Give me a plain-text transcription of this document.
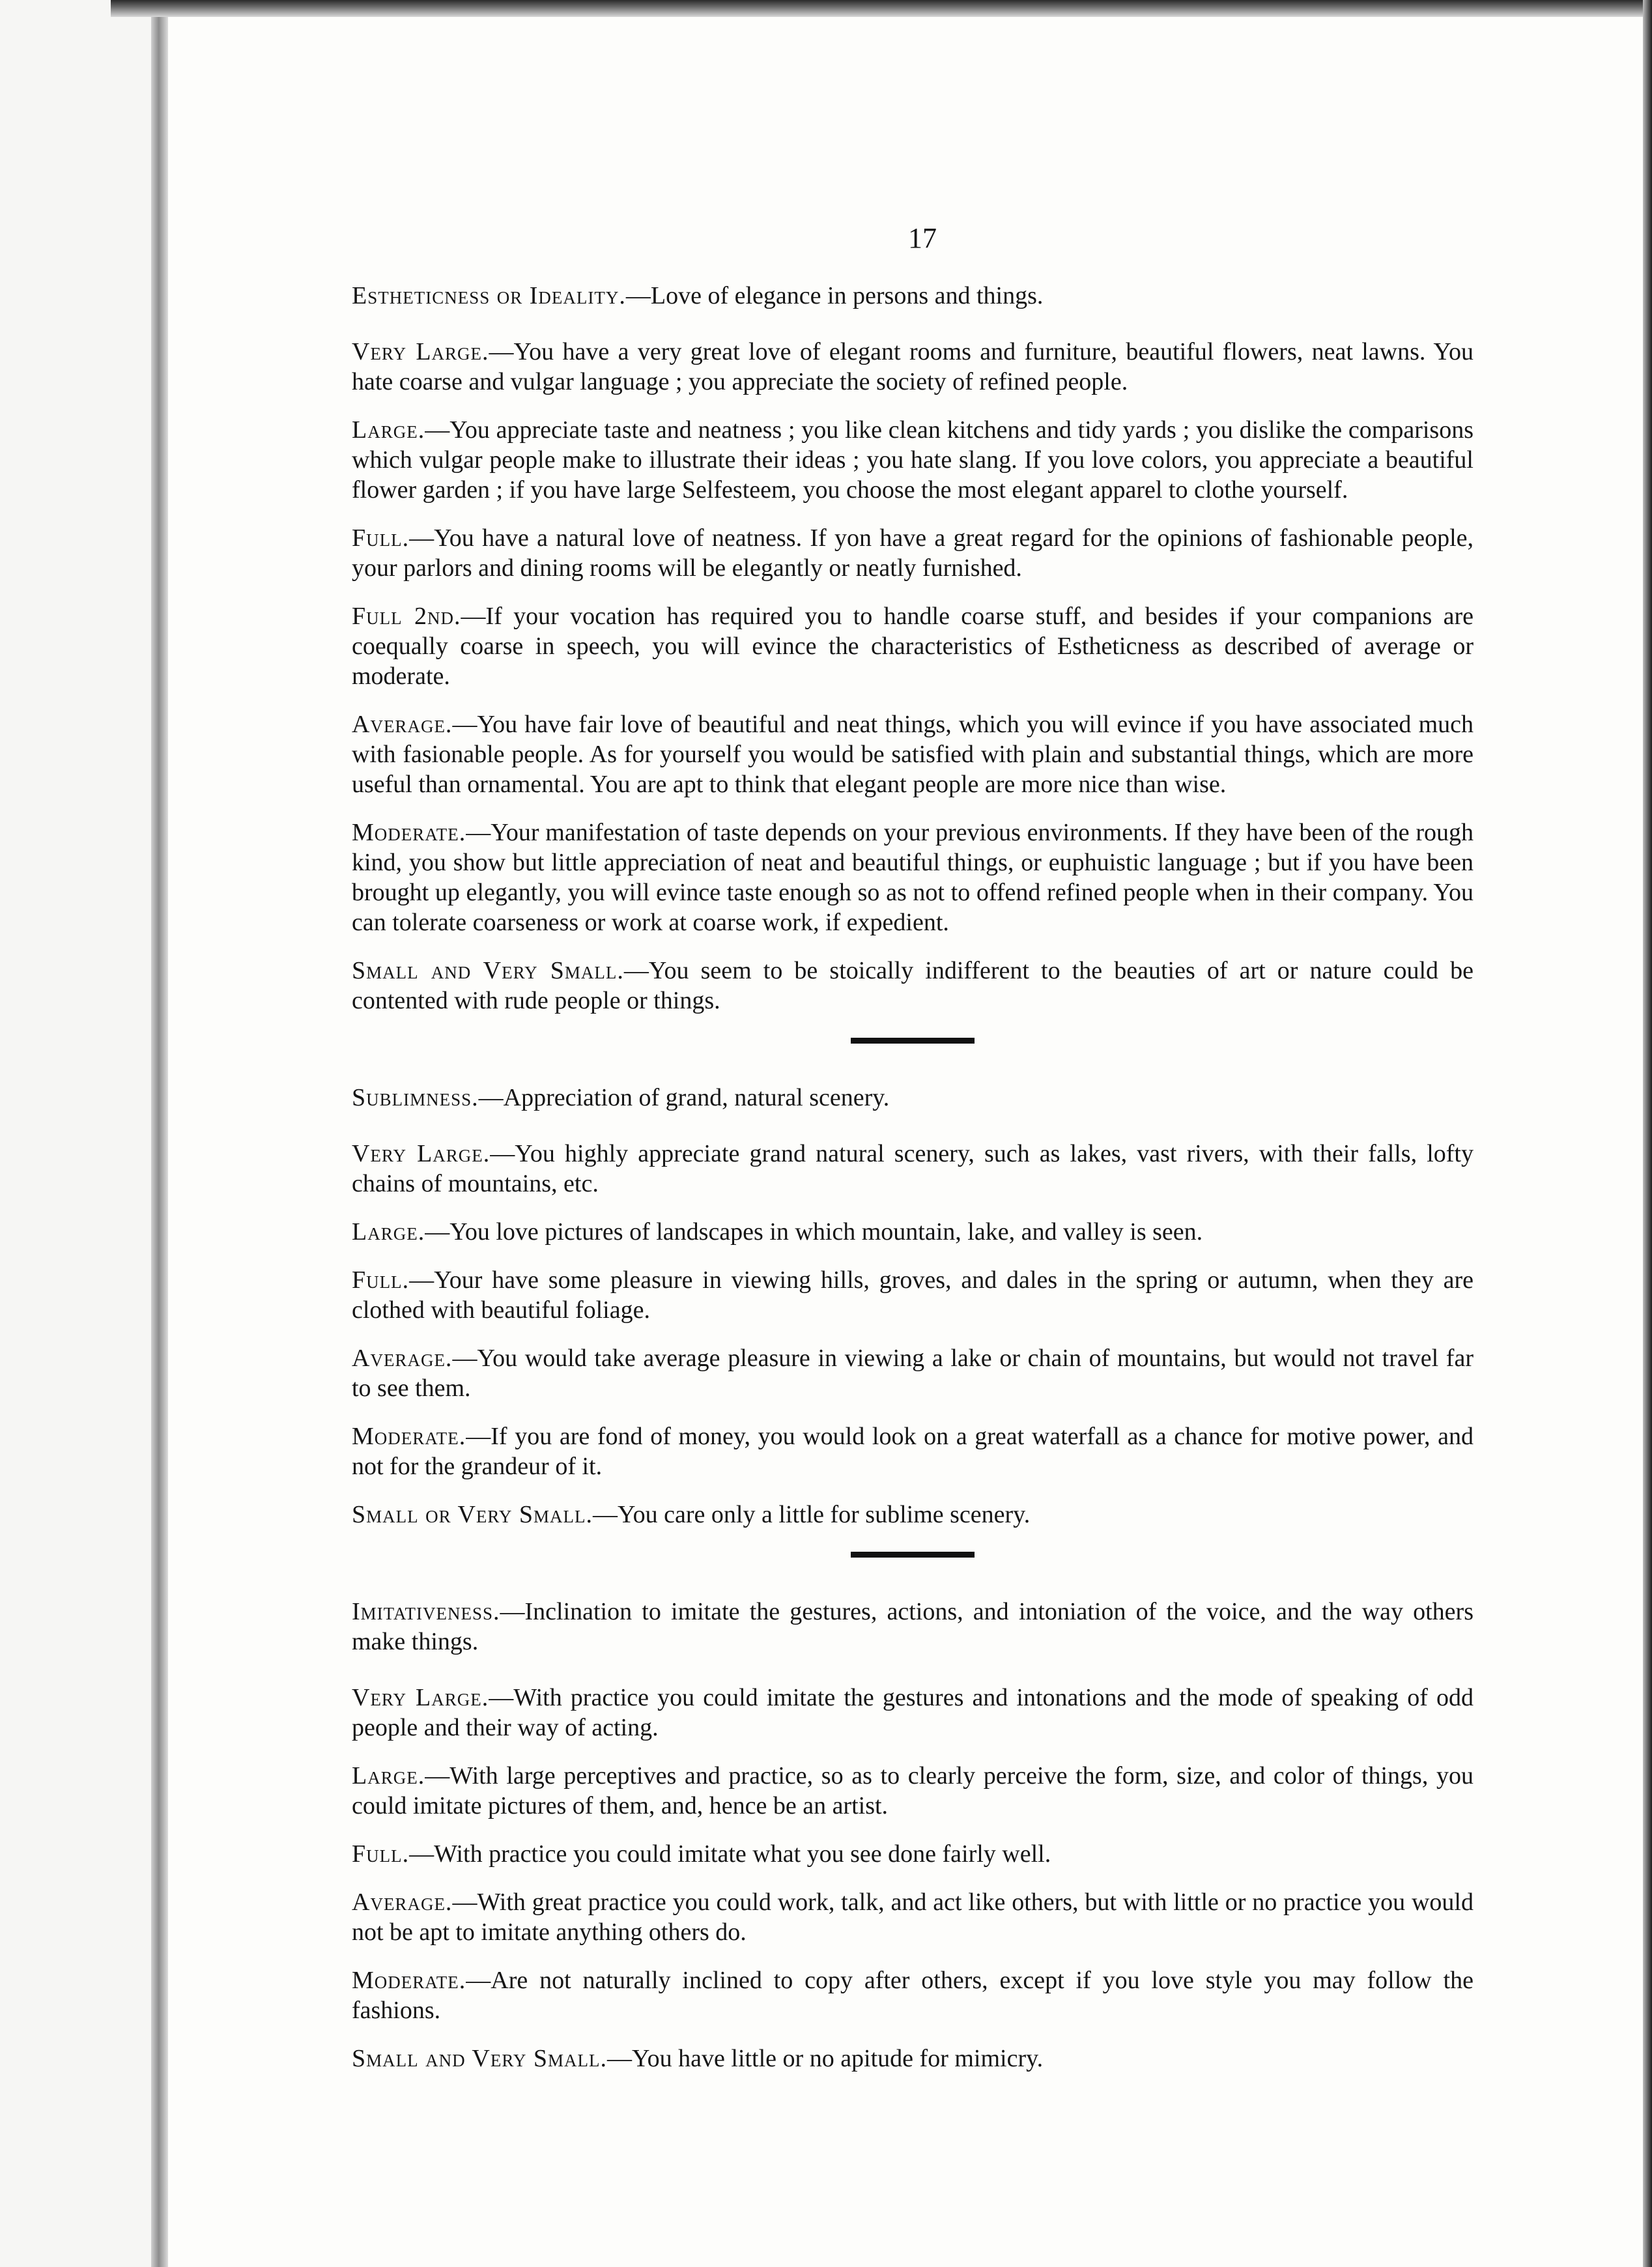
17

Estheticness or Ideality.—Love of elegance in persons and things.

Very Large.—You have a very great love of elegant rooms and furniture, beautiful flowers, neat lawns. You hate coarse and vulgar language ; you appreciate the society of refined people.

Large.—You appreciate taste and neatness ; you like clean kitchens and tidy yards ; you dislike the comparisons which vulgar people make to illustrate their ideas ; you hate slang. If you love colors, you appreciate a beautiful flower garden ; if you have large Selfesteem, you choose the most elegant apparel to clothe yourself.

Full.—You have a natural love of neatness. If yon have a great regard for the opinions of fashionable people, your parlors and dining rooms will be elegantly or neatly furnished.

Full 2nd.—If your vocation has required you to handle coarse stuff, and besides if your companions are coequally coarse in speech, you will evince the characteristics of Estheticness as described of average or moderate.

Average.—You have fair love of beautiful and neat things, which you will evince if you have associated much with fasionable people. As for yourself you would be satisfied with plain and substantial things, which are more useful than ornamental. You are apt to think that elegant people are more nice than wise.

Moderate.—Your manifestation of taste depends on your previous environments. If they have been of the rough kind, you show but little appreciation of neat and beautiful things, or euphuistic language ; but if you have been brought up elegantly, you will evince taste enough so as not to offend refined people when in their company. You can tolerate coarseness or work at coarse work, if expedient.

Small and Very Small.—You seem to be stoically indifferent to the beauties of art or nature could be contented with rude people or things.

Sublimness.—Appreciation of grand, natural scenery.

Very Large.—You highly appreciate grand natural scenery, such as lakes, vast rivers, with their falls, lofty chains of mountains, etc.

Large.—You love pictures of landscapes in which mountain, lake, and valley is seen.

Full.—Your have some pleasure in viewing hills, groves, and dales in the spring or autumn, when they are clothed with beautiful foliage.

Average.—You would take average pleasure in viewing a lake or chain of mountains, but would not travel far to see them.

Moderate.—If you are fond of money, you would look on a great waterfall as a chance for motive power, and not for the grandeur of it.

Small or Very Small.—You care only a little for sublime scenery.

Imitativeness.—Inclination to imitate the gestures, actions, and intoniation of the voice, and the way others make things.

Very Large.—With practice you could imitate the gestures and intonations and the mode of speaking of odd people and their way of acting.

Large.—With large perceptives and practice, so as to clearly perceive the form, size, and color of things, you could imitate pictures of them, and, hence be an artist.

Full.—With practice you could imitate what you see done fairly well.

Average.—With great practice you could work, talk, and act like others, but with little or no practice you would not be apt to imitate anything others do.

Moderate.—Are not naturally inclined to copy after others, except if you love style you may follow the fashions.

Small and Very Small.—You have little or no apitude for mimicry.
